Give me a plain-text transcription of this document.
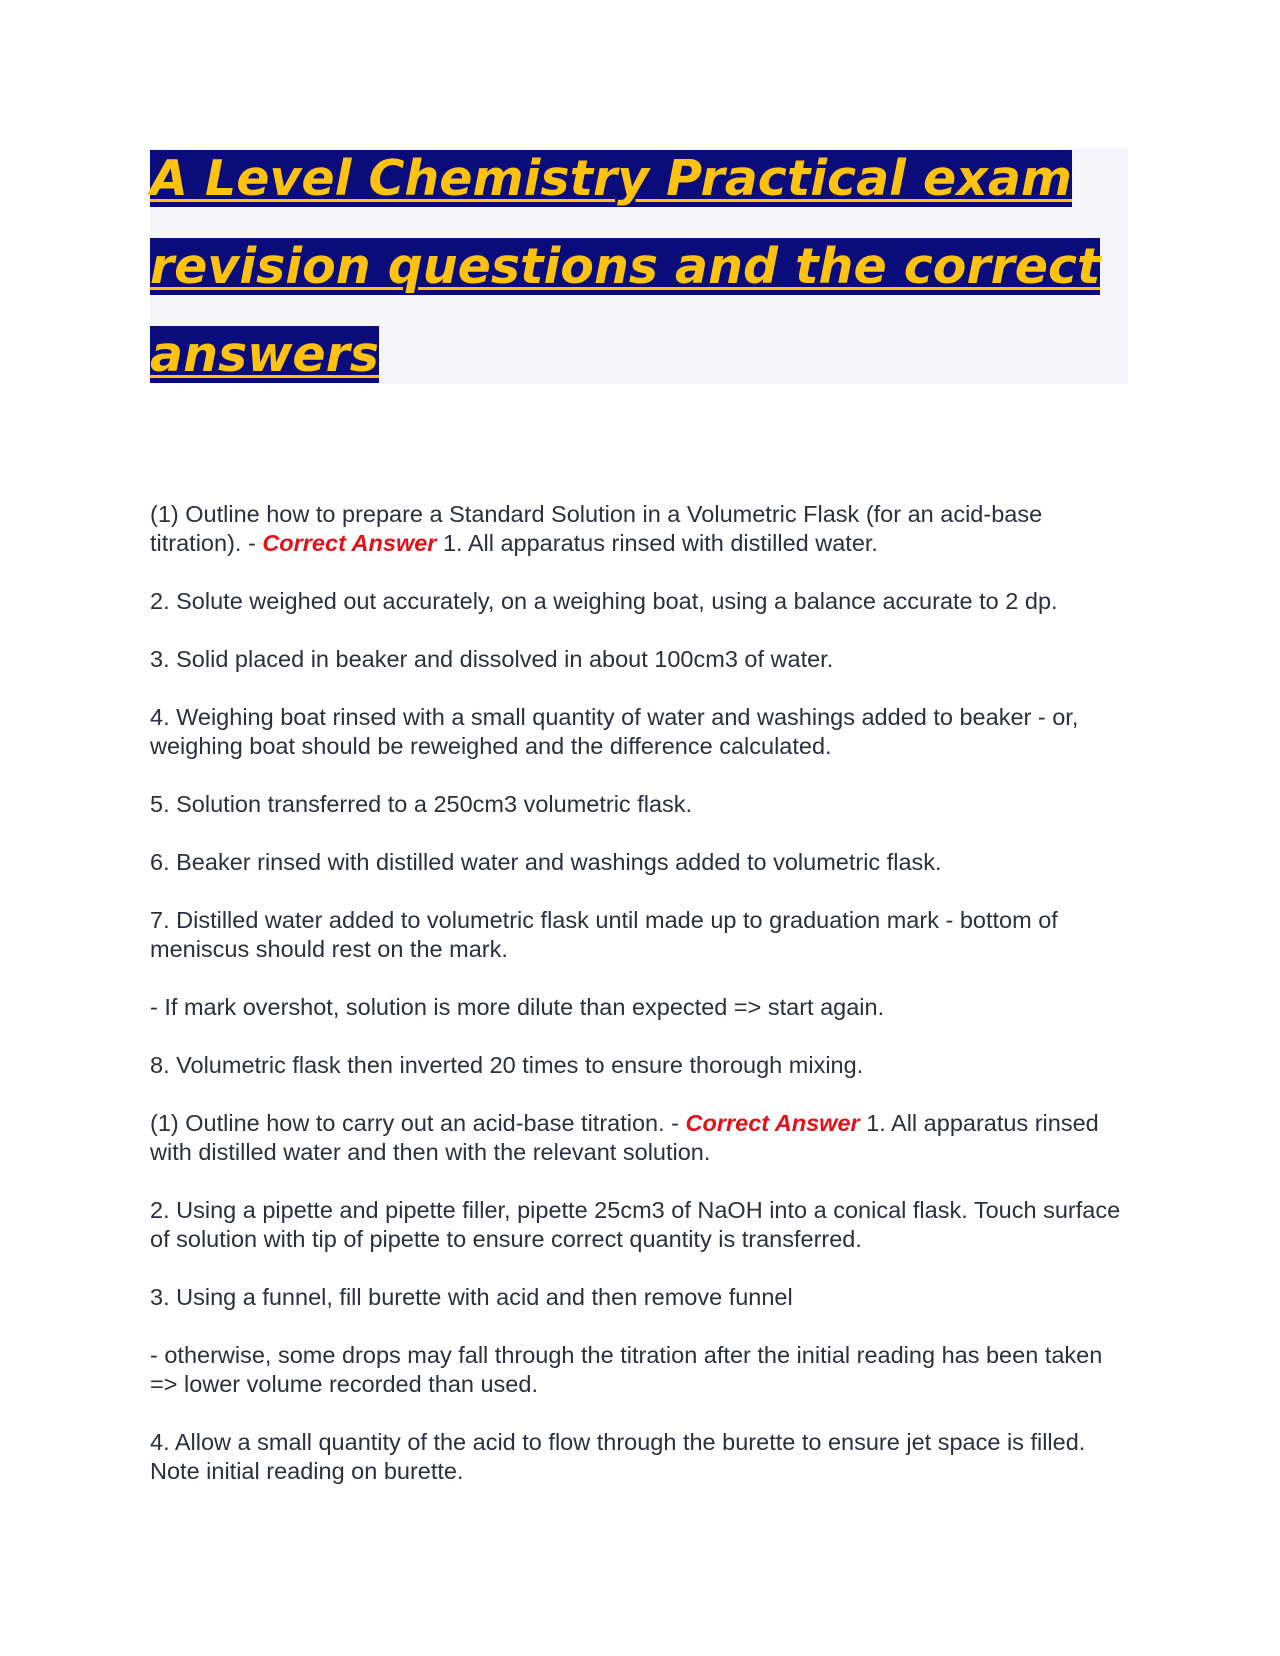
A Level Chemistry Practical exam
revision questions and the correct
answers

(1) Outline how to prepare a Standard Solution in a Volumetric Flask (for an acid-base titration). - Correct Answer 1. All apparatus rinsed with distilled water.

2. Solute weighed out accurately, on a weighing boat, using a balance accurate to 2 dp.

3. Solid placed in beaker and dissolved in about 100cm3 of water.

4. Weighing boat rinsed with a small quantity of water and washings added to beaker - or, weighing boat should be reweighed and the difference calculated.

5. Solution transferred to a 250cm3 volumetric flask.

6. Beaker rinsed with distilled water and washings added to volumetric flask.

7. Distilled water added to volumetric flask until made up to graduation mark - bottom of meniscus should rest on the mark.

- If mark overshot, solution is more dilute than expected => start again.

8. Volumetric flask then inverted 20 times to ensure thorough mixing.

(1) Outline how to carry out an acid-base titration. - Correct Answer 1. All apparatus rinsed with distilled water and then with the relevant solution.

2. Using a pipette and pipette filler, pipette 25cm3 of NaOH into a conical flask. Touch surface of solution with tip of pipette to ensure correct quantity is transferred.

3. Using a funnel, fill burette with acid and then remove funnel

- otherwise, some drops may fall through the titration after the initial reading has been taken => lower volume recorded than used.

4. Allow a small quantity of the acid to flow through the burette to ensure jet space is filled. Note initial reading on burette.
